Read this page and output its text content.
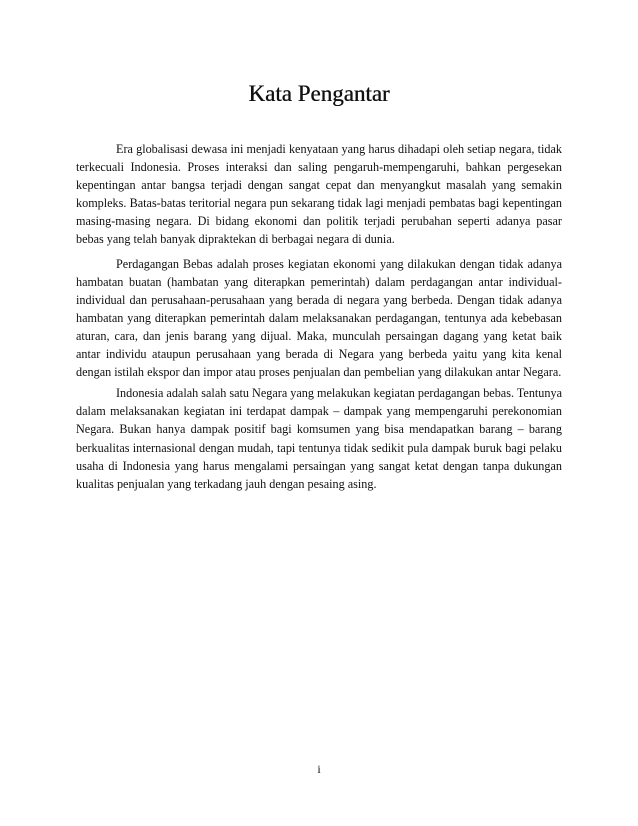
Kata Pengantar

Era globalisasi dewasa ini menjadi kenyataan yang harus dihadapi oleh setiap negara, tidak terkecuali Indonesia. Proses interaksi dan saling pengaruh-mempengaruhi, bahkan pergesekan kepentingan antar bangsa terjadi dengan sangat cepat dan menyangkut masalah yang semakin kompleks. Batas-batas teritorial negara pun sekarang tidak lagi menjadi pembatas bagi kepentingan masing-masing negara. Di bidang ekonomi dan politik terjadi perubahan seperti adanya pasar bebas yang telah banyak dipraktekan di berbagai negara di dunia.

Perdagangan Bebas adalah proses kegiatan ekonomi yang dilakukan dengan tidak adanya hambatan buatan (hambatan yang diterapkan pemerintah) dalam perdagangan antar individual-individual dan perusahaan-perusahaan yang berada di negara yang berbeda. Dengan tidak adanya hambatan yang diterapkan pemerintah dalam melaksanakan perdagangan, tentunya ada kebebasan aturan, cara, dan jenis barang yang dijual. Maka, munculah persaingan dagang yang ketat baik antar individu ataupun perusahaan yang berada di Negara yang berbeda yaitu yang kita kenal dengan istilah ekspor dan impor atau proses penjualan dan pembelian yang dilakukan antar Negara.

Indonesia adalah salah satu Negara yang melakukan kegiatan perdagangan bebas. Tentunya dalam melaksanakan kegiatan ini terdapat dampak – dampak yang mempengaruhi perekonomian Negara. Bukan hanya dampak positif bagi komsumen yang bisa mendapatkan barang – barang berkualitas internasional dengan mudah, tapi tentunya tidak sedikit pula dampak buruk bagi pelaku usaha di Indonesia yang harus mengalami persaingan yang sangat ketat dengan tanpa dukungan kualitas penjualan yang terkadang jauh dengan pesaing asing.

i
